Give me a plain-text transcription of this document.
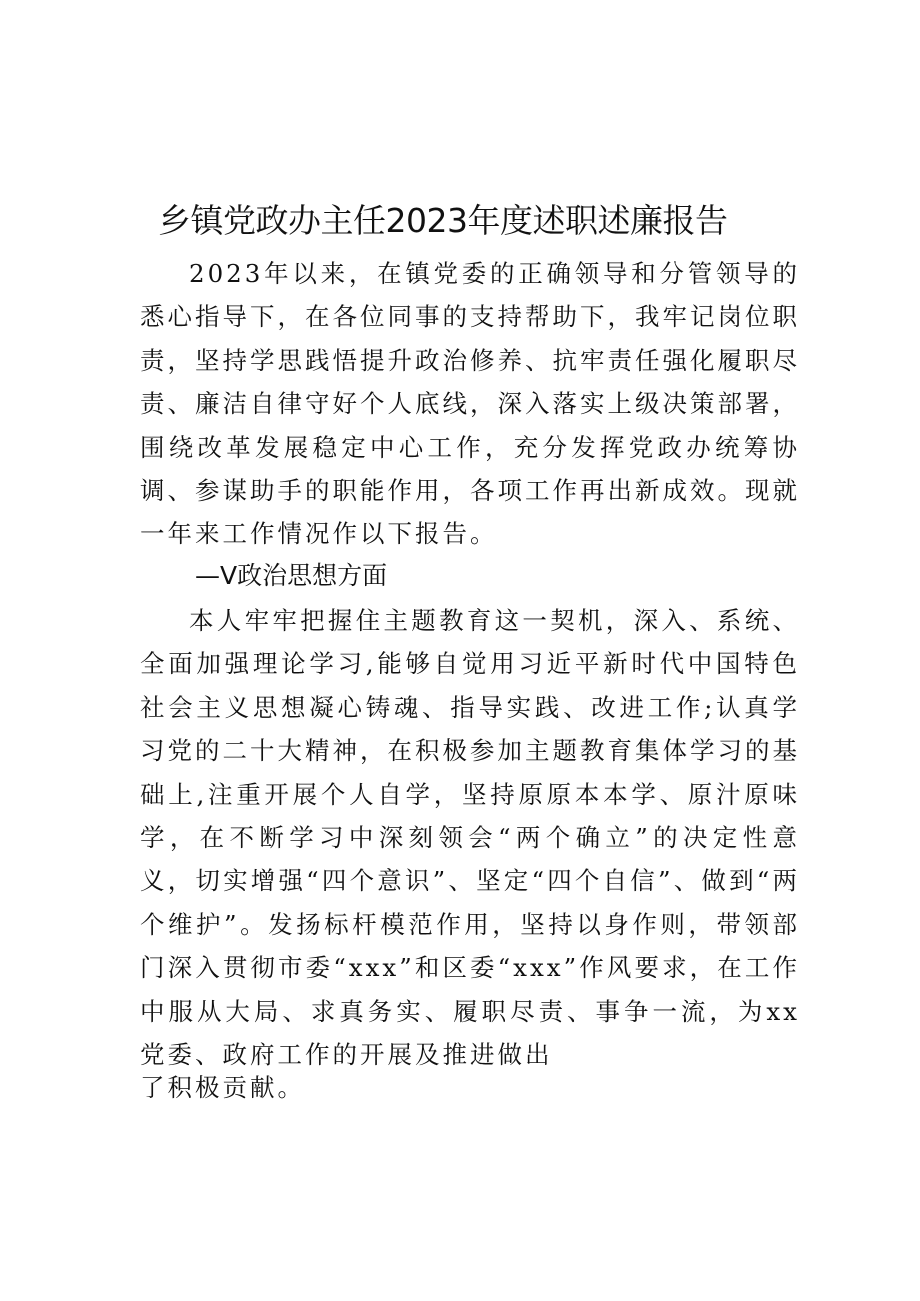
乡镇党政办主任2023年度述职述廉报告

2023年以来，在镇党委的正确领导和分管领导的悉心指导下，在各位同事的支持帮助下，我牢记岗位职责，坚持学思践悟提升政治修养、抗牢责任强化履职尽责、廉洁自律守好个人底线，深入落实上级决策部署，围绕改革发展稳定中心工作，充分发挥党政办统筹协调、参谋助手的职能作用，各项工作再出新成效。现就一年来工作情况作以下报告。

—V政治思想方面

本人牢牢把握住主题教育这一契机，深入、系统、全面加强理论学习,能够自觉用习近平新时代中国特色社会主义思想凝心铸魂、指导实践、改进工作;认真学习党的二十大精神，在积极参加主题教育集体学习的基础上,注重开展个人自学，坚持原原本本学、原汁原味学，在不断学习中深刻领会“两个确立”的决定性意义，切实增强“四个意识”、坚定“四个自信”、做到“两个维护”。发扬标杆模范作用，坚持以身作则，带领部门深入贯彻市委“xxx”和区委“xxx”作风要求，在工作中服从大局、求真务实、履职尽责、事争一流，为xx党委、政府工作的开展及推进做出

了积极贡献。
